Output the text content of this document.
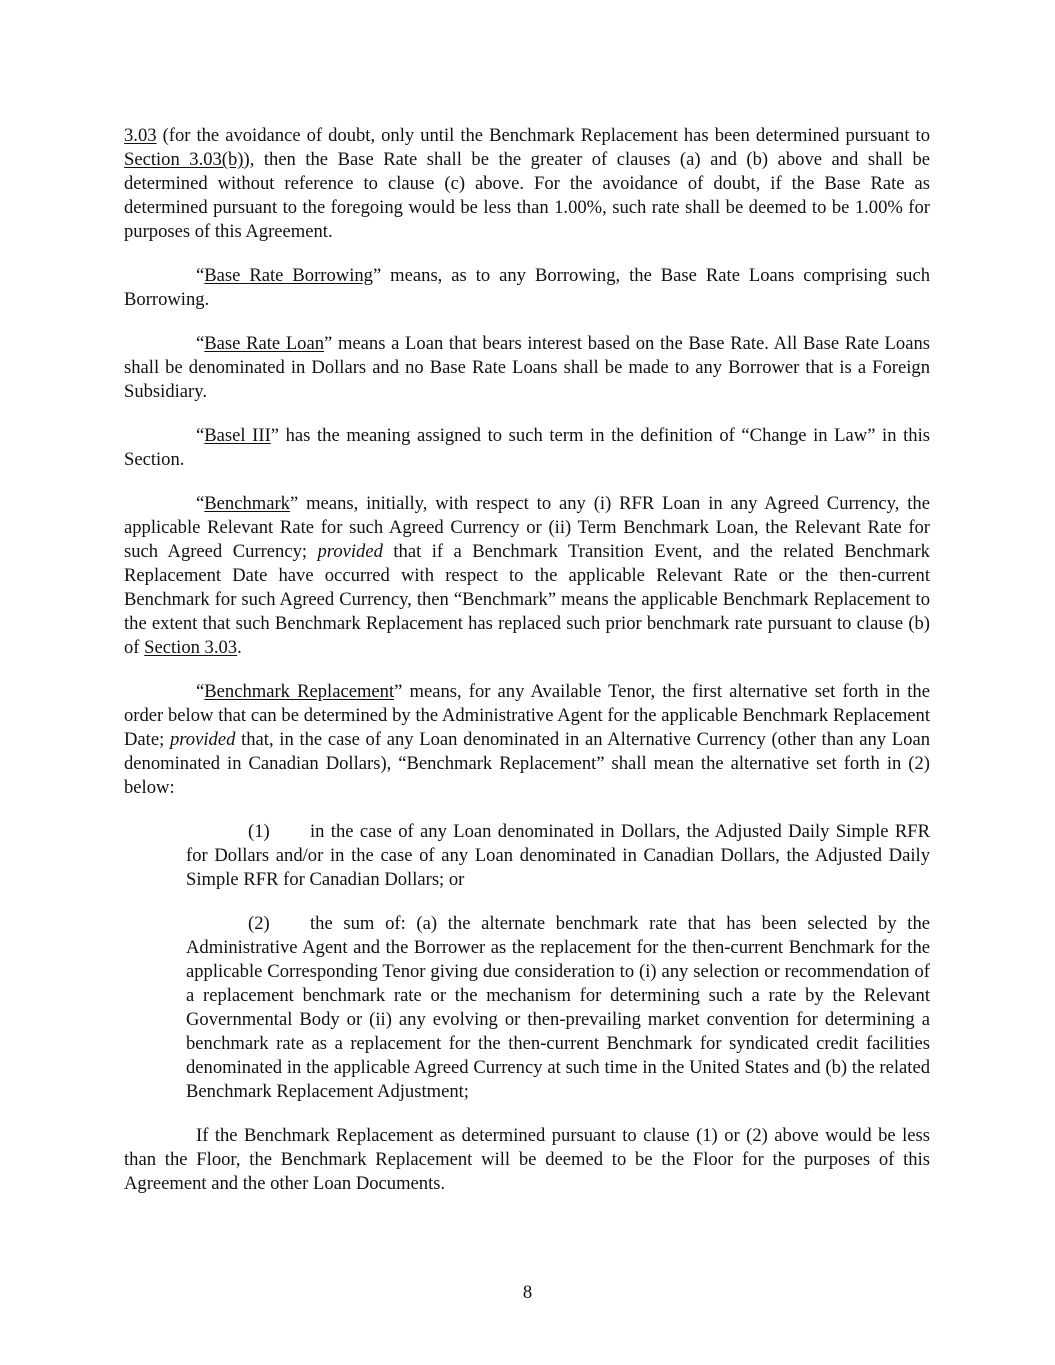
3.03 (for the avoidance of doubt, only until the Benchmark Replacement has been determined pursuant to Section 3.03(b)), then the Base Rate shall be the greater of clauses (a) and (b) above and shall be determined without reference to clause (c) above. For the avoidance of doubt, if the Base Rate as determined pursuant to the foregoing would be less than 1.00%, such rate shall be deemed to be 1.00% for purposes of this Agreement.

“Base Rate Borrowing” means, as to any Borrowing, the Base Rate Loans comprising such Borrowing.

“Base Rate Loan” means a Loan that bears interest based on the Base Rate. All Base Rate Loans shall be denominated in Dollars and no Base Rate Loans shall be made to any Borrower that is a Foreign Subsidiary.

“Basel III” has the meaning assigned to such term in the definition of “Change in Law” in this Section.

“Benchmark” means, initially, with respect to any (i) RFR Loan in any Agreed Currency, the applicable Relevant Rate for such Agreed Currency or (ii) Term Benchmark Loan, the Relevant Rate for such Agreed Currency; provided that if a Benchmark Transition Event, and the related Benchmark Replacement Date have occurred with respect to the applicable Relevant Rate or the then-current Benchmark for such Agreed Currency, then “Benchmark” means the applicable Benchmark Replacement to the extent that such Benchmark Replacement has replaced such prior benchmark rate pursuant to clause (b) of Section 3.03.

“Benchmark Replacement” means, for any Available Tenor, the first alternative set forth in the order below that can be determined by the Administrative Agent for the applicable Benchmark Replacement Date; provided that, in the case of any Loan denominated in an Alternative Currency (other than any Loan denominated in Canadian Dollars), “Benchmark Replacement” shall mean the alternative set forth in (2) below:

(1) in the case of any Loan denominated in Dollars, the Adjusted Daily Simple RFR for Dollars and/or in the case of any Loan denominated in Canadian Dollars, the Adjusted Daily Simple RFR for Canadian Dollars; or

(2) the sum of: (a) the alternate benchmark rate that has been selected by the Administrative Agent and the Borrower as the replacement for the then-current Benchmark for the applicable Corresponding Tenor giving due consideration to (i) any selection or recommendation of a replacement benchmark rate or the mechanism for determining such a rate by the Relevant Governmental Body or (ii) any evolving or then-prevailing market convention for determining a benchmark rate as a replacement for the then-current Benchmark for syndicated credit facilities denominated in the applicable Agreed Currency at such time in the United States and (b) the related Benchmark Replacement Adjustment;

If the Benchmark Replacement as determined pursuant to clause (1) or (2) above would be less than the Floor, the Benchmark Replacement will be deemed to be the Floor for the purposes of this Agreement and the other Loan Documents.

8
